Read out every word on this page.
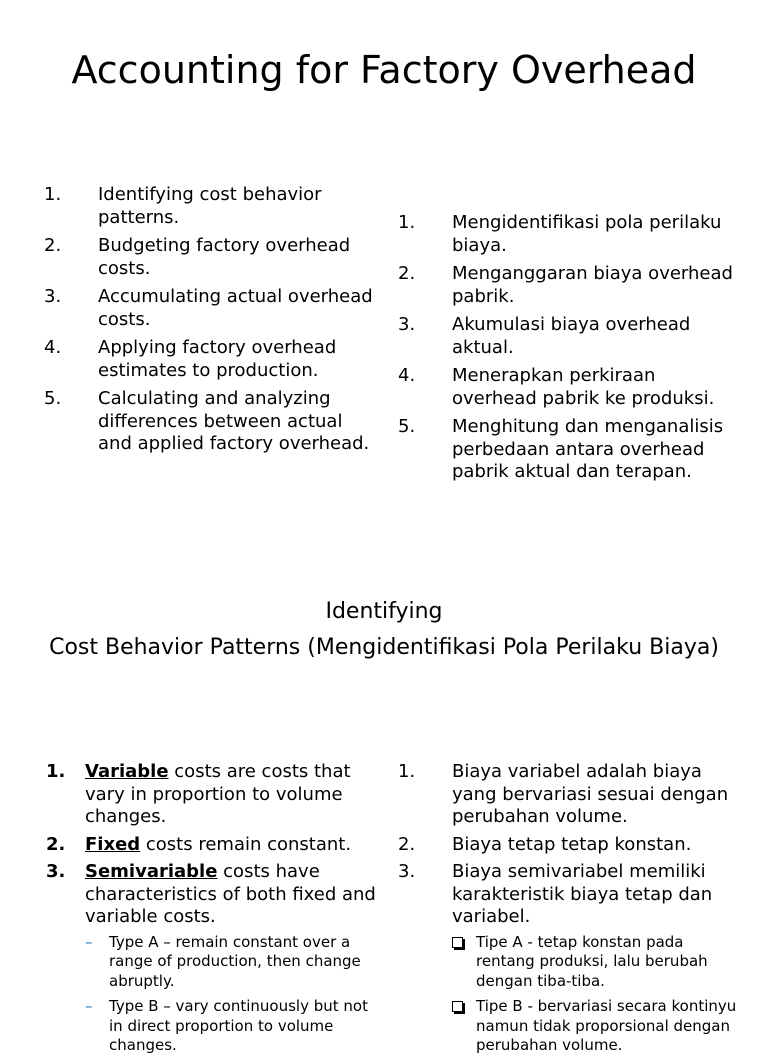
Accounting for Factory Overhead
1.	Identifying cost behavior patterns.
2.	Budgeting factory overhead costs.
3.	Accumulating actual overhead costs.
4.	Applying factory overhead estimates to production.
5.	Calculating and analyzing differences between actual and applied factory overhead.
1.	Mengidentifikasi pola perilaku biaya.
2.	Menganggaran biaya overhead pabrik.
3.	Akumulasi biaya overhead aktual.
4.	Menerapkan perkiraan overhead pabrik ke produksi.
5.	Menghitung dan menganalisis perbedaan antara overhead pabrik aktual dan terapan.
Identifying
Cost Behavior Patterns (Mengidentifikasi Pola Perilaku Biaya)
1.	Variable costs are costs that vary in proportion to volume changes.
2.	Fixed costs remain constant.
3.	Semivariable costs have characteristics of both fixed and variable costs.
– Type A – remain constant over a range of production, then change abruptly.
– Type B – vary continuously but not in direct proportion to volume changes.
1.	Biaya variabel adalah biaya yang bervariasi sesuai dengan perubahan volume.
2.	Biaya tetap tetap konstan.
3.	Biaya semivariabel memiliki karakteristik biaya tetap dan variabel.
Tipe A - tetap konstan pada rentang produksi, lalu berubah dengan tiba-tiba.
Tipe B - bervariasi secara kontinyu namun tidak proporsional dengan perubahan volume.
